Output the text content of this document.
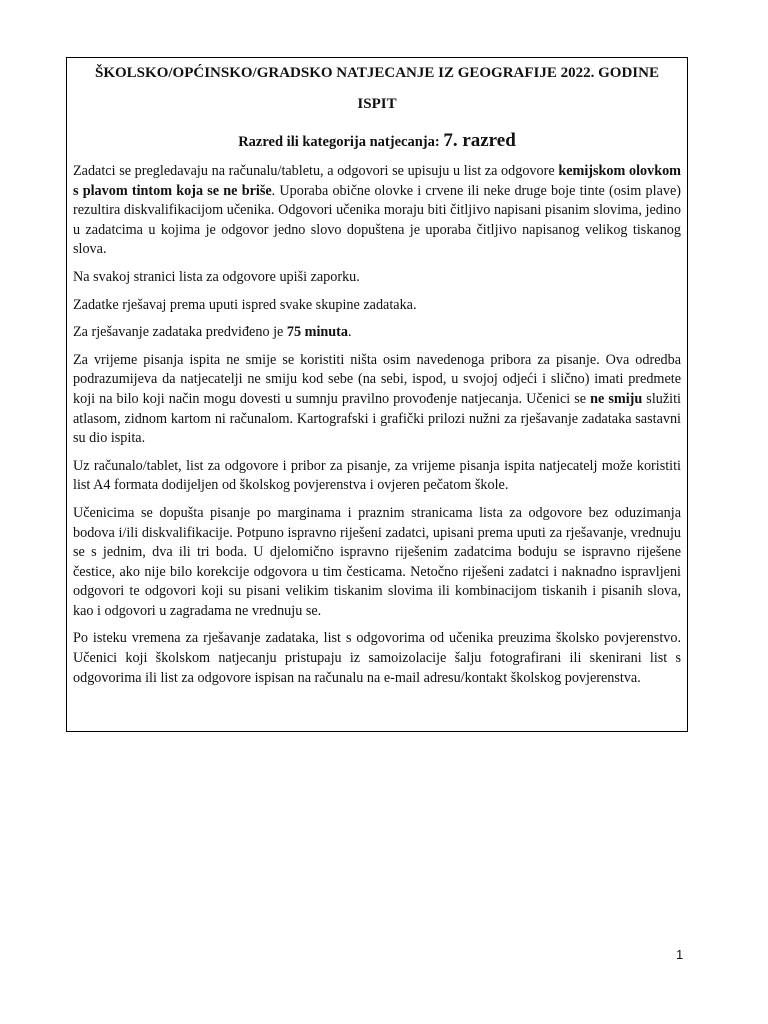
ŠKOLSKO/OPĆINSKO/GRADSKO NATJECANJE IZ GEOGRAFIJE 2022. GODINE
ISPIT
Razred ili kategorija natjecanja: 7. razred

Zadatci se pregledavaju na računalu/tabletu, a odgovori se upisuju u list za odgovore kemijskom olovkom s plavom tintom koja se ne briše. Uporaba obične olovke i crvene ili neke druge boje tinte (osim plave) rezultira diskvalifikacijom učenika. Odgovori učenika moraju biti čitljivo napisani pisanim slovima, jedino u zadatcima u kojima je odgovor jedno slovo dopuštena je uporaba čitljivo napisanog velikog tiskanog slova.

Na svakoj stranici lista za odgovore upiši zaporku.

Zadatke rješavaj prema uputi ispred svake skupine zadataka.

Za rješavanje zadataka predviđeno je 75 minuta.

Za vrijeme pisanja ispita ne smije se koristiti ništa osim navedenoga pribora za pisanje. Ova odredba podrazumijeva da natjecatelji ne smiju kod sebe (na sebi, ispod, u svojoj odjeći i slično) imati predmete koji na bilo koji način mogu dovesti u sumnju pravilno provođenje natjecanja. Učenici se ne smiju služiti atlasom, zidnom kartom ni računalom. Kartografski i grafički prilozi nužni za rješavanje zadataka sastavni su dio ispita.

Uz računalo/tablet, list za odgovore i pribor za pisanje, za vrijeme pisanja ispita natjecatelj može koristiti list A4 formata dodijeljen od školskog povjerenstva i ovjeren pečatom škole.

Učenicima se dopušta pisanje po marginama i praznim stranicama lista za odgovore bez oduzimanja bodova i/ili diskvalifikacije. Potpuno ispravno riješeni zadatci, upisani prema uputi za rješavanje, vrednuju se s jednim, dva ili tri boda. U djelomično ispravno riješenim zadatcima boduju se ispravno riješene čestice, ako nije bilo korekcije odgovora u tim česticama. Netočno riješeni zadatci i naknadno ispravljeni odgovori te odgovori koji su pisani velikim tiskanim slovima ili kombinacijom tiskanih i pisanih slova, kao i odgovori u zagradama ne vrednuju se.

Po isteku vremena za rješavanje zadataka, list s odgovorima od učenika preuzima školsko povjerenstvo. Učenici koji školskom natjecanju pristupaju iz samoizolacije šalju fotografirani ili skenirani list s odgovorima ili list za odgovore ispisan na računalu na e-mail adresu/kontakt školskog povjerenstva.

1
